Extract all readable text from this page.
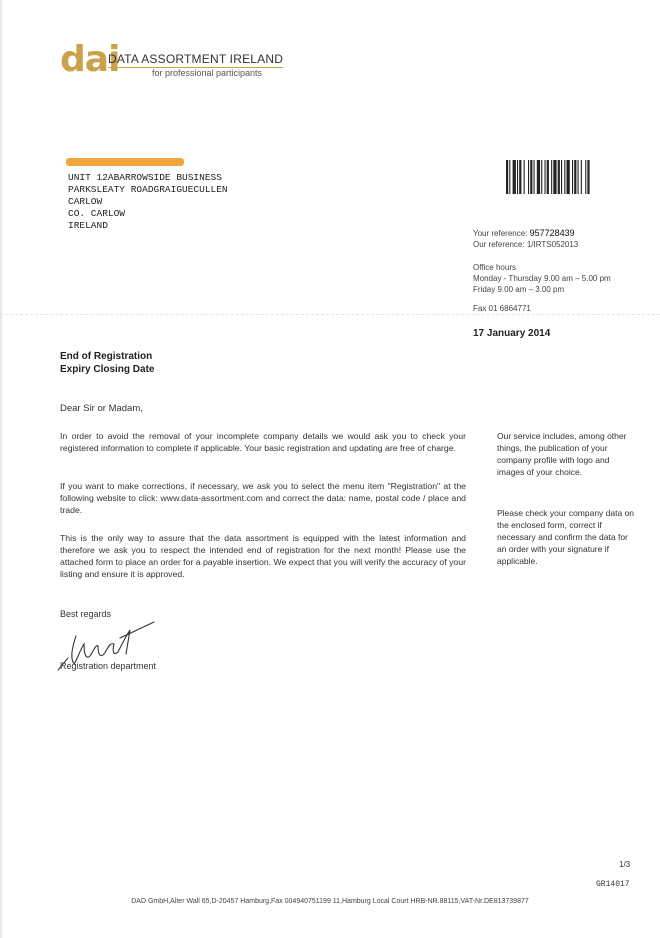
dai
DATA ASSORTMENT IRELAND
for professional participants
UNIT 12ABARROWSIDE BUSINESS
PARKSLEATY ROADGRAIGUECULLEN
CARLOW
CO. CARLOW
IRELAND
Your reference: 957728439
Our reference: 1/IRTS052013
Office hours
Monday - Thursday 9.00 am – 5.00 pm
Friday 9.00 am – 3.00 pm
Fax 01 6864771
17 January 2014
End of Registration
Expiry Closing Date
Dear Sir or Madam,
In order to avoid the removal of your incomplete company details we would ask you to check your registered information to complete if applicable. Your basic registration and updating are free of charge.
If you want to make corrections, if necessary, we ask you to select the menu item "Registration" at the following website to click: www.data-assortment.com and correct the data: name, postal code / place and trade.
This is the only way to assure that the data assortment is equipped with the latest information and therefore we ask you to respect the intended end of registration for the next month! Please use the attached form to place an order for a payable insertion. We expect that you will verify the accuracy of your listing and ensure it is approved.
Our service includes, among other things, the publication of your company profile with logo and images of your choice.
Please check your company data on the enclosed form, correct if necessary and confirm the data for an order with your signature if applicable.
Best regards
Registration department
1/3
GR14017
DAD GmbH,Alter Wall 65,D-20457 Hamburg,Fax 004940751199 11,Hamburg Local Court HRB-NR.88115,VAT-Nr.DE813739877
